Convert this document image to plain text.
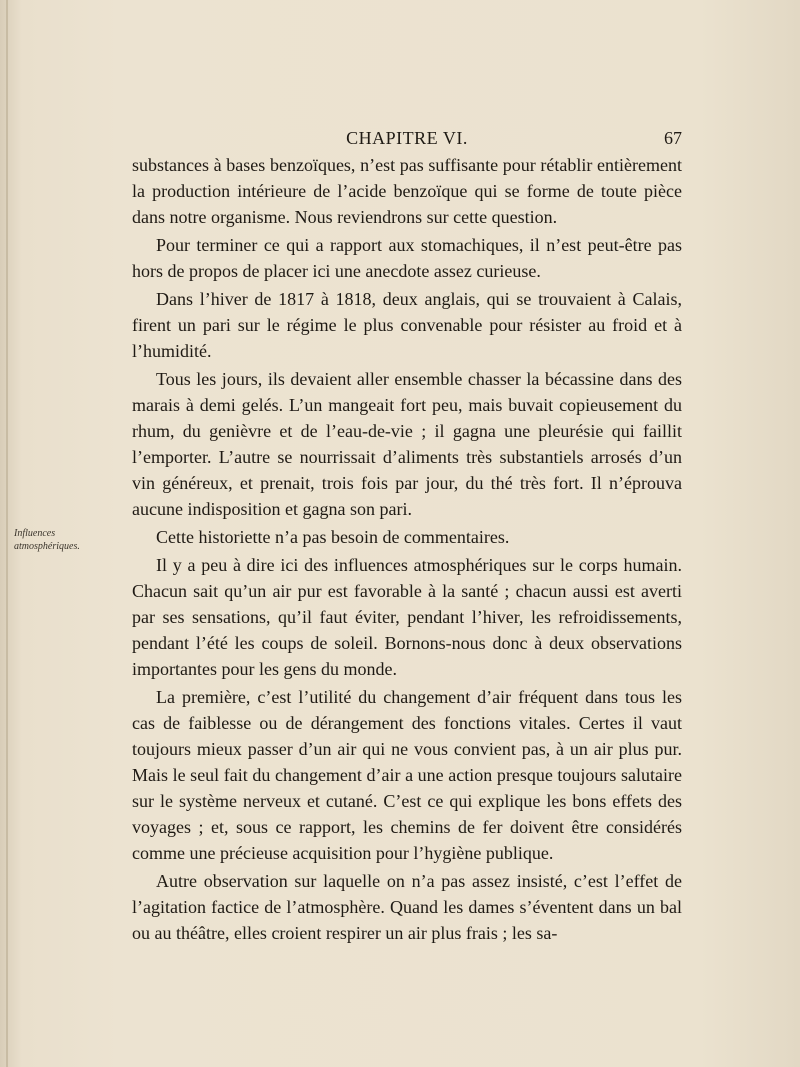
CHAPITRE VI.	67
Influences
atmosphériques.

substances à bases benzoïques, n’est pas suffisante pour rétablir entièrement la production intérieure de l’acide benzoïque qui se forme de toute pièce dans notre organisme. Nous reviendrons sur cette question.

Pour terminer ce qui a rapport aux stomachiques, il n’est peut-être pas hors de propos de placer ici une anecdote assez curieuse.

Dans l’hiver de 1817 à 1818, deux anglais, qui se trouvaient à Calais, firent un pari sur le régime le plus convenable pour résister au froid et à l’humidité.

Tous les jours, ils devaient aller ensemble chasser la bécassine dans des marais à demi gelés. L’un mangeait fort peu, mais buvait copieusement du rhum, du genièvre et de l’eau-de-vie ; il gagna une pleurésie qui faillit l’emporter. L’autre se nourrissait d’aliments très substantiels arrosés d’un vin généreux, et prenait, trois fois par jour, du thé très fort. Il n’éprouva aucune indisposition et gagna son pari.

Cette historiette n’a pas besoin de commentaires.

Il y a peu à dire ici des influences atmosphériques sur le corps humain. Chacun sait qu’un air pur est favorable à la santé ; chacun aussi est averti par ses sensations, qu’il faut éviter, pendant l’hiver, les refroidissements, pendant l’été les coups de soleil. Bornons-nous donc à deux observations importantes pour les gens du monde.

La première, c’est l’utilité du changement d’air fréquent dans tous les cas de faiblesse ou de dérangement des fonctions vitales. Certes il vaut toujours mieux passer d’un air qui ne vous convient pas, à un air plus pur. Mais le seul fait du changement d’air a une action presque toujours salutaire sur le système nerveux et cutané. C’est ce qui explique les bons effets des voyages ; et, sous ce rapport, les chemins de fer doivent être considérés comme une précieuse acquisition pour l’hygiène publique.

Autre observation sur laquelle on n’a pas assez insisté, c’est l’effet de l’agitation factice de l’atmosphère. Quand les dames s’éventent dans un bal ou au théâtre, elles croient respirer un air plus frais ; les sa-
